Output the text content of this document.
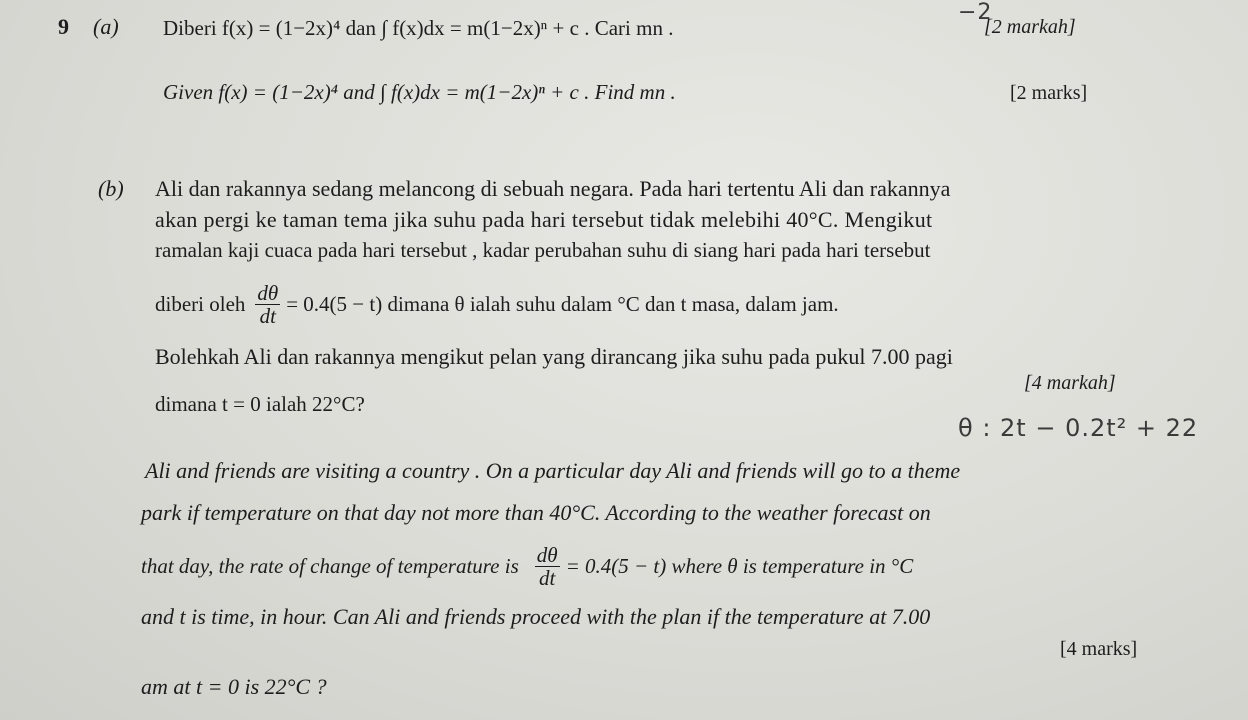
−2
9 (a) Diberi f(x) = (1−2x)⁴ dan ∫ f(x)dx = m(1−2x)ⁿ + c . Cari mn .	[2 markah]
Given f(x) = (1−2x)⁴ and ∫ f(x)dx = m(1−2x)ⁿ + c . Find mn .	[2 marks]
(b) Ali dan rakannya sedang melancong di sebuah negara. Pada hari tertentu Ali dan rakannya
akan pergi ke taman tema jika suhu pada hari tersebut tidak melebihi 40°C. Mengikut
ramalan kaji cuaca pada hari tersebut , kadar perubahan suhu di siang hari pada hari tersebut
diberi oleh $\frac{d\theta}{dt} = 0.4(5 - t)$ dimana θ ialah suhu dalam °C dan t masa, dalam jam.
Bolehkah Ali dan rakannya mengikut pelan yang dirancang jika suhu pada pukul 7.00 pagi
dimana t = 0 ialah 22°C?
[4 markah]
θ : 2t − 0.2t² + 22
Ali and friends are visiting a country . On a particular day Ali and friends will go to a theme
park if temperature on that day not more than 40°C. According to the weather forecast on
that day, the rate of change of temperature is $\frac{d\theta}{dt} = 0.4(5 - t)$ where θ is temperature in °C
and t is time, in hour. Can Ali and friends proceed with the plan if the temperature at 7.00
[4 marks]
am at t = 0 is 22°C ?
